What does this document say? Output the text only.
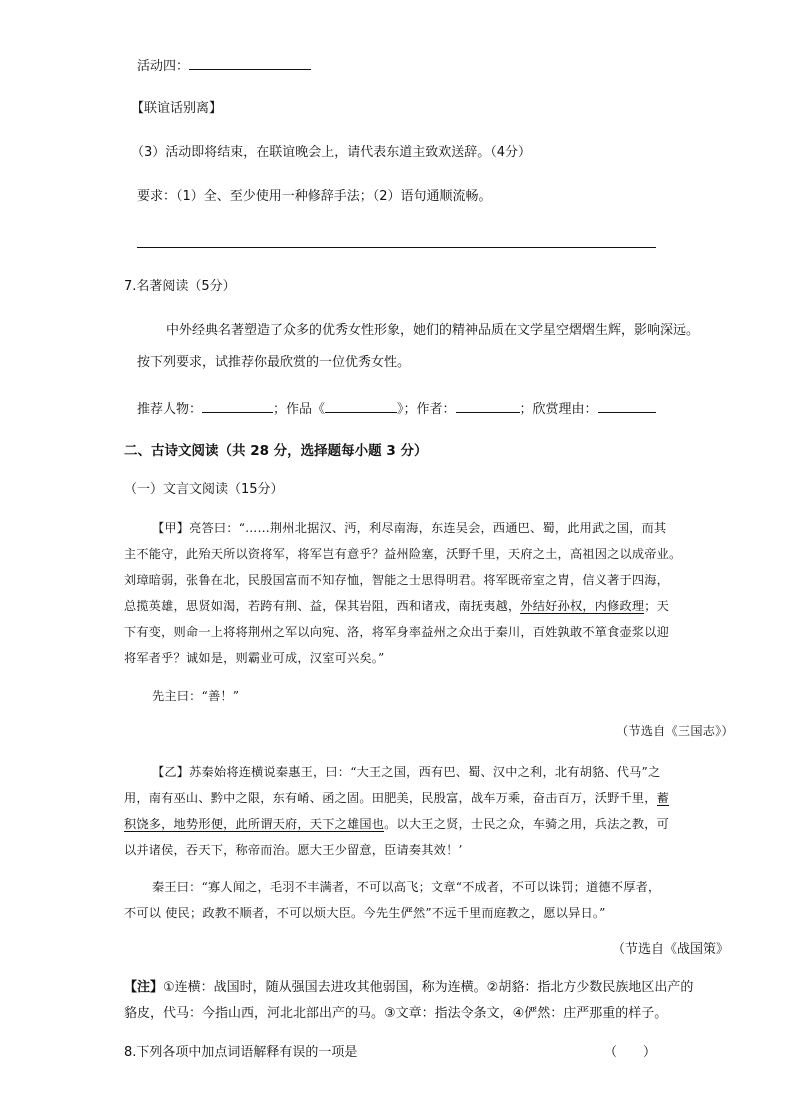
活动四：
【联谊话别离】
（3）活动即将结束，在联谊晚会上，请代表东道主致欢送辞。（4分）
要求：（1）全、至少使用一种修辞手法；（2）语句通顺流畅。
7.名著阅读（5分）
中外经典名著塑造了众多的优秀女性形象，她们的精神品质在文学星空熠熠生辉，影响深远。
按下列要求，试推荐你最欣赏的一位优秀女性。
推荐人物：	；作品《	》；作者：	；欣赏理由：
二、古诗文阅读（共 28 分，选择题每小题 3 分）
（一）文言文阅读（15分）
【甲】亮答曰：“……荆州北据汉、沔，利尽南海，东连吴会，西通巴、蜀，此用武之国，而其
主不能守，此殆天所以资将军，将军岂有意乎？益州险塞，沃野千里，天府之土，高祖因之以成帝业。
刘璋暗弱，张鲁在北，民殷国富而不知存恤，智能之士思得明君。将军既帝室之胄，信义著于四海，
总揽英雄，思贤如渴，若跨有荆、益，保其岩阻，西和诸戎，南抚夷越，外结好孙权，内修政理；天
下有变，则命一上将将荆州之军以向宛、洛，将军身率益州之众出于秦川，百姓孰敢不箪食壶浆以迎
将军者乎？诚如是，则霸业可成，汉室可兴矣。”
先主曰：“善！”
（节选自《三国志》）
【乙】苏秦始将连横说秦惠王，曰：“大王之国，西有巴、蜀、汉中之利，北有胡貉、代马”之
用，南有巫山、黔中之限，东有崤、函之固。田肥美，民殷富，战车万乘，奋击百万，沃野千里，蓄
积饶多，地势形便，此所谓天府，天下之雄国也。以大王之贤，士民之众，车骑之用，兵法之教，可
以并诸侯，吞天下，称帝而治。愿大王少留意，臣请奏其效！’
秦王曰：“寡人闻之，毛羽不丰满者，不可以高飞；文章“不成者，不可以诛罚；道德不厚者，
不可以 使民；政教不顺者，不可以烦大臣。今先生俨然”不远千里而庭教之，愿以异日。”
（节选自《战国策》
【注】①连横：战国时，随从强国去进攻其他弱国，称为连横。②胡貉：指北方少数民族地区出产的
貉皮，代马：今指山西，河北北部出产的马。③文章：指法令条文，④俨然：庄严那重的样子。
8.下列各项中加点词语解释有误的一项是	（　　）
